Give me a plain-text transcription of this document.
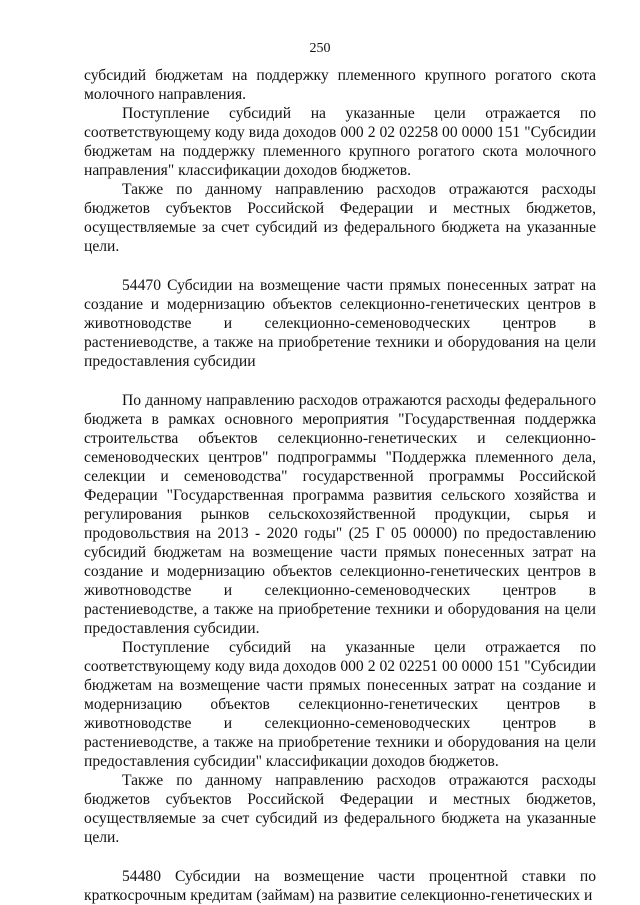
250

субсидий бюджетам на поддержку племенного крупного рогатого скота молочного направления.

Поступление субсидий на указанные цели отражается по соответствующему коду вида доходов 000 2 02 02258 00 0000 151 "Субсидии бюджетам на поддержку племенного крупного рогатого скота молочного направления" классификации доходов бюджетов.

Также по данному направлению расходов отражаются расходы бюджетов субъектов Российской Федерации и местных бюджетов, осуществляемые за счет субсидий из федерального бюджета на указанные цели.

54470 Субсидии на возмещение части прямых понесенных затрат на создание и модернизацию объектов селекционно-генетических центров в животноводстве и селекционно-семеноводческих центров в растениеводстве, а также на приобретение техники и оборудования на цели предоставления субсидии

По данному направлению расходов отражаются расходы федерального бюджета в рамках основного мероприятия "Государственная поддержка строительства объектов селекционно-генетических и селекционно-семеноводческих центров" подпрограммы "Поддержка племенного дела, селекции и семеноводства" государственной программы Российской Федерации "Государственная программа развития сельского хозяйства и регулирования рынков сельскохозяйственной продукции, сырья и продовольствия на 2013 - 2020 годы" (25 Г 05 00000) по предоставлению субсидий бюджетам на возмещение части прямых понесенных затрат на создание и модернизацию объектов селекционно-генетических центров в животноводстве и селекционно-семеноводческих центров в растениеводстве, а также на приобретение техники и оборудования на цели предоставления субсидии.

Поступление субсидий на указанные цели отражается по соответствующему коду вида доходов 000 2 02 02251 00 0000 151 "Субсидии бюджетам на возмещение части прямых понесенных затрат на создание и модернизацию объектов селекционно-генетических центров в животноводстве и селекционно-семеноводческих центров в растениеводстве, а также на приобретение техники и оборудования на цели предоставления субсидии" классификации доходов бюджетов.

Также по данному направлению расходов отражаются расходы бюджетов субъектов Российской Федерации и местных бюджетов, осуществляемые за счет субсидий из федерального бюджета на указанные цели.

54480 Субсидии на возмещение части процентной ставки по краткосрочным кредитам (займам) на развитие селекционно-генетических и
